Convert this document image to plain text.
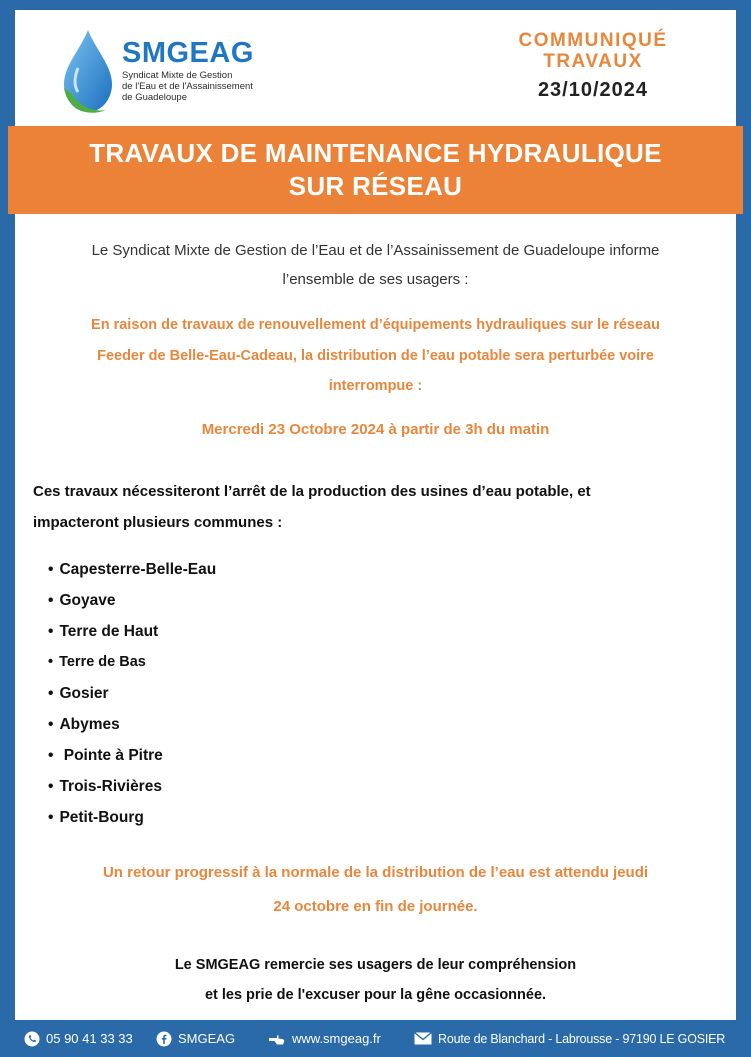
SMGEAG
Syndicat Mixte de Gestion
de l'Eau et de l'Assainissement
de Guadeloupe
COMMUNIQUÉ
TRAVAUX
23/10/2024
TRAVAUX DE MAINTENANCE HYDRAULIQUE
SUR RÉSEAU
Le Syndicat Mixte de Gestion de l’Eau et de l’Assainissement de Guadeloupe informe
l’ensemble de ses usagers :
En raison de travaux de renouvellement d’équipements hydrauliques sur le réseau
Feeder de Belle-Eau-Cadeau, la distribution de l’eau potable sera perturbée voire
interrompue :
Mercredi 23 Octobre 2024 à partir de 3h du matin
Ces travaux nécessiteront l’arrêt de la production des usines d’eau potable, et
impacteront plusieurs communes :
• Capesterre-Belle-Eau
• Goyave
• Terre de Haut
• Terre de Bas
• Gosier
• Abymes
• Pointe à Pitre
• Trois-Rivières
• Petit-Bourg
Un retour progressif à la normale de la distribution de l’eau est attendu jeudi
24 octobre en fin de journée.
Le SMGEAG remercie ses usagers de leur compréhension
et les prie de l'excuser pour la gêne occasionnée.
05 90 41 33 33	SMGEAG	www.smgeag.fr	Route de Blanchard - Labrousse - 97190 LE GOSIER
